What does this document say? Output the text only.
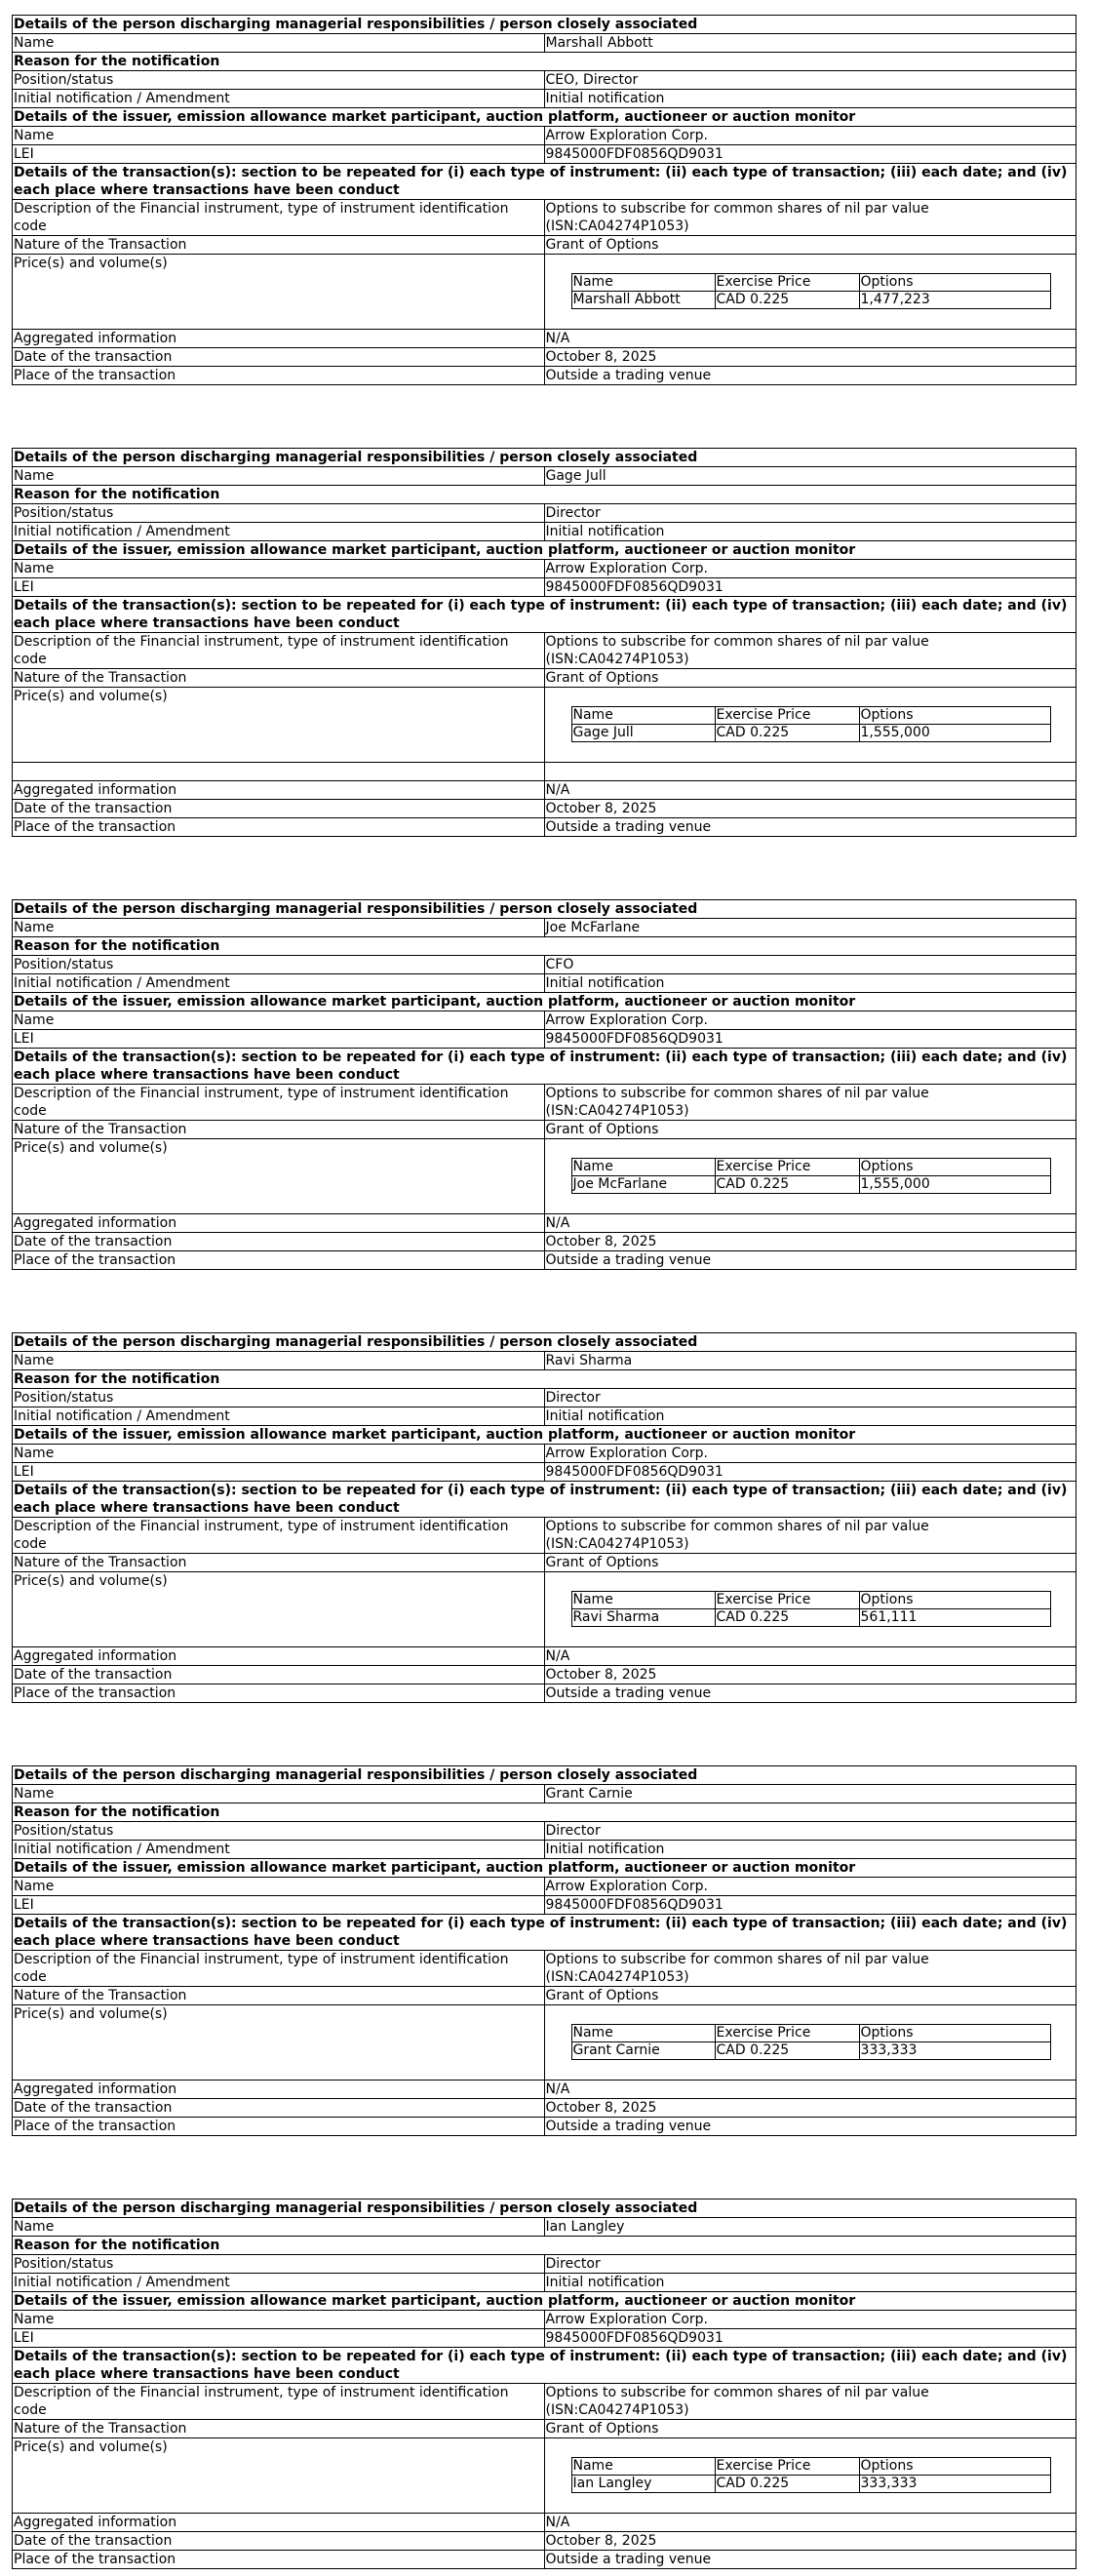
Details of the person discharging managerial responsibilities / person closely associated
Name	Marshall Abbott
Reason for the notification
Position/status	CEO, Director
Initial notification / Amendment	Initial notification
Details of the issuer, emission allowance market participant, auction platform, auctioneer or auction monitor
Name	Arrow Exploration Corp.
LEI	9845000FDF0856QD9031
Details of the transaction(s): section to be repeated for (i) each type of instrument: (ii) each type of transaction; (iii) each date; and (iv) each place where transactions have been conduct
Description of the Financial instrument, type of instrument identification code	Options to subscribe for common shares of nil par value (ISN:CA04274P1053)
Nature of the Transaction	Grant of Options
Price(s) and volume(s)	
Name	Exercise Price	Options
Marshall Abbott	CAD 0.225	1,477,223

Aggregated information	N/A
Date of the transaction	October 8, 2025
Place of the transaction	Outside a trading venue
Details of the person discharging managerial responsibilities / person closely associated
Name	Gage Jull
Reason for the notification
Position/status	Director
Initial notification / Amendment	Initial notification
Details of the issuer, emission allowance market participant, auction platform, auctioneer or auction monitor
Name	Arrow Exploration Corp.
LEI	9845000FDF0856QD9031
Details of the transaction(s): section to be repeated for (i) each type of instrument: (ii) each type of transaction; (iii) each date; and (iv) each place where transactions have been conduct
Description of the Financial instrument, type of instrument identification code	Options to subscribe for common shares of nil par value (ISN:CA04274P1053)
Nature of the Transaction	Grant of Options
Price(s) and volume(s)	
Name	Exercise Price	Options
Gage Jull	CAD 0.225	1,555,000

Aggregated information	N/A
Date of the transaction	October 8, 2025
Place of the transaction	Outside a trading venue
Details of the person discharging managerial responsibilities / person closely associated
Name	Joe McFarlane
Reason for the notification
Position/status	CFO
Initial notification / Amendment	Initial notification
Details of the issuer, emission allowance market participant, auction platform, auctioneer or auction monitor
Name	Arrow Exploration Corp.
LEI	9845000FDF0856QD9031
Details of the transaction(s): section to be repeated for (i) each type of instrument: (ii) each type of transaction; (iii) each date; and (iv) each place where transactions have been conduct
Description of the Financial instrument, type of instrument identification code	Options to subscribe for common shares of nil par value (ISN:CA04274P1053)
Nature of the Transaction	Grant of Options
Price(s) and volume(s)	
Name	Exercise Price	Options
Joe McFarlane	CAD 0.225	1,555,000

Aggregated information	N/A
Date of the transaction	October 8, 2025
Place of the transaction	Outside a trading venue
Details of the person discharging managerial responsibilities / person closely associated
Name	Ravi Sharma
Reason for the notification
Position/status	Director
Initial notification / Amendment	Initial notification
Details of the issuer, emission allowance market participant, auction platform, auctioneer or auction monitor
Name	Arrow Exploration Corp.
LEI	9845000FDF0856QD9031
Details of the transaction(s): section to be repeated for (i) each type of instrument: (ii) each type of transaction; (iii) each date; and (iv) each place where transactions have been conduct
Description of the Financial instrument, type of instrument identification code	Options to subscribe for common shares of nil par value (ISN:CA04274P1053)
Nature of the Transaction	Grant of Options
Price(s) and volume(s)	
Name	Exercise Price	Options
Ravi Sharma	CAD 0.225	561,111

Aggregated information	N/A
Date of the transaction	October 8, 2025
Place of the transaction	Outside a trading venue
Details of the person discharging managerial responsibilities / person closely associated
Name	Grant Carnie
Reason for the notification
Position/status	Director
Initial notification / Amendment	Initial notification
Details of the issuer, emission allowance market participant, auction platform, auctioneer or auction monitor
Name	Arrow Exploration Corp.
LEI	9845000FDF0856QD9031
Details of the transaction(s): section to be repeated for (i) each type of instrument: (ii) each type of transaction; (iii) each date; and (iv) each place where transactions have been conduct
Description of the Financial instrument, type of instrument identification code	Options to subscribe for common shares of nil par value (ISN:CA04274P1053)
Nature of the Transaction	Grant of Options
Price(s) and volume(s)	
Name	Exercise Price	Options
Grant Carnie	CAD 0.225	333,333

Aggregated information	N/A
Date of the transaction	October 8, 2025
Place of the transaction	Outside a trading venue
Details of the person discharging managerial responsibilities / person closely associated
Name	Ian Langley
Reason for the notification
Position/status	Director
Initial notification / Amendment	Initial notification
Details of the issuer, emission allowance market participant, auction platform, auctioneer or auction monitor
Name	Arrow Exploration Corp.
LEI	9845000FDF0856QD9031
Details of the transaction(s): section to be repeated for (i) each type of instrument: (ii) each type of transaction; (iii) each date; and (iv) each place where transactions have been conduct
Description of the Financial instrument, type of instrument identification code	Options to subscribe for common shares of nil par value (ISN:CA04274P1053)
Nature of the Transaction	Grant of Options
Price(s) and volume(s)	
Name	Exercise Price	Options
Ian Langley	CAD 0.225	333,333

Aggregated information	N/A
Date of the transaction	October 8, 2025
Place of the transaction	Outside a trading venue
